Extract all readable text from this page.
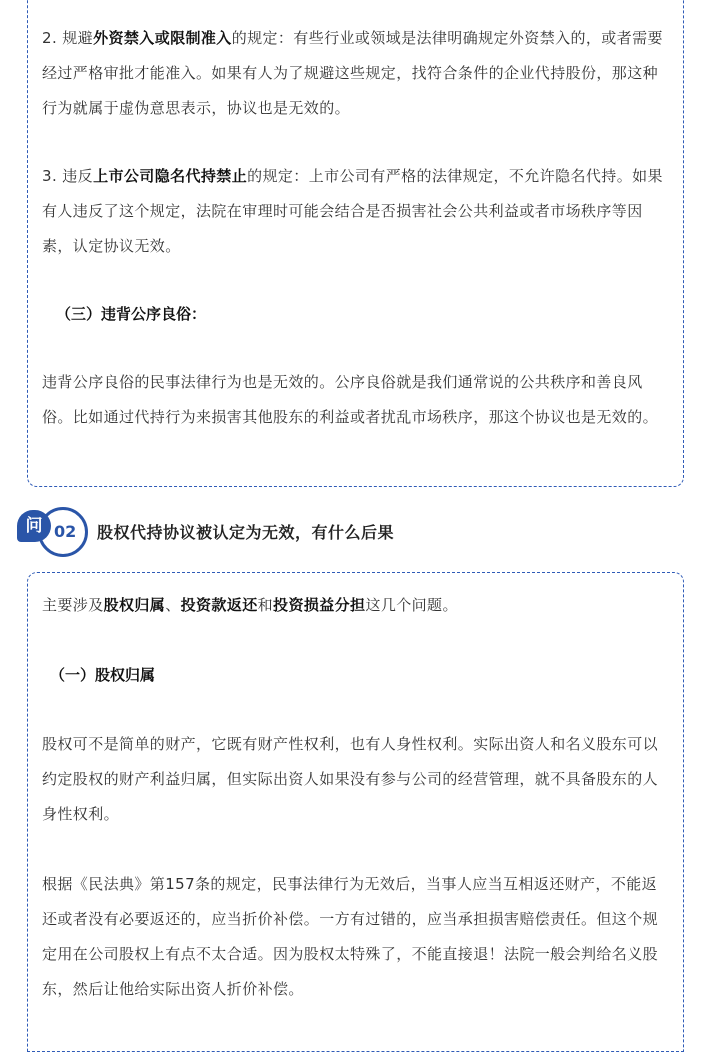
2. 规避外资禁入或限制准入的规定：有些行业或领域是法律明确规定外资禁入的，或者需要经过严格审批才能准入。如果有人为了规避这些规定，找符合条件的企业代持股份，那这种行为就属于虚伪意思表示，协议也是无效的。

3. 违反上市公司隐名代持禁止的规定：上市公司有严格的法律规定，不允许隐名代持。如果有人违反了这个规定，法院在审理时可能会结合是否损害社会公共利益或者市场秩序等因素，认定协议无效。

（三）违背公序良俗：

违背公序良俗的民事法律行为也是无效的。公序良俗就是我们通常说的公共秩序和善良风俗。比如通过代持行为来损害其他股东的利益或者扰乱市场秩序，那这个协议也是无效的。

问 02 股权代持协议被认定为无效，有什么后果

主要涉及股权归属、投资款返还和投资损益分担这几个问题。

（一）股权归属

股权可不是简单的财产，它既有财产性权利，也有人身性权利。实际出资人和名义股东可以约定股权的财产利益归属，但实际出资人如果没有参与公司的经营管理，就不具备股东的人身性权利。

根据《民法典》第157条的规定，民事法律行为无效后，当事人应当互相返还财产，不能返还或者没有必要返还的，应当折价补偿。一方有过错的，应当承担损害赔偿责任。但这个规定用在公司股权上有点不太合适。因为股权太特殊了，不能直接退！法院一般会判给名义股东，然后让他给实际出资人折价补偿。
